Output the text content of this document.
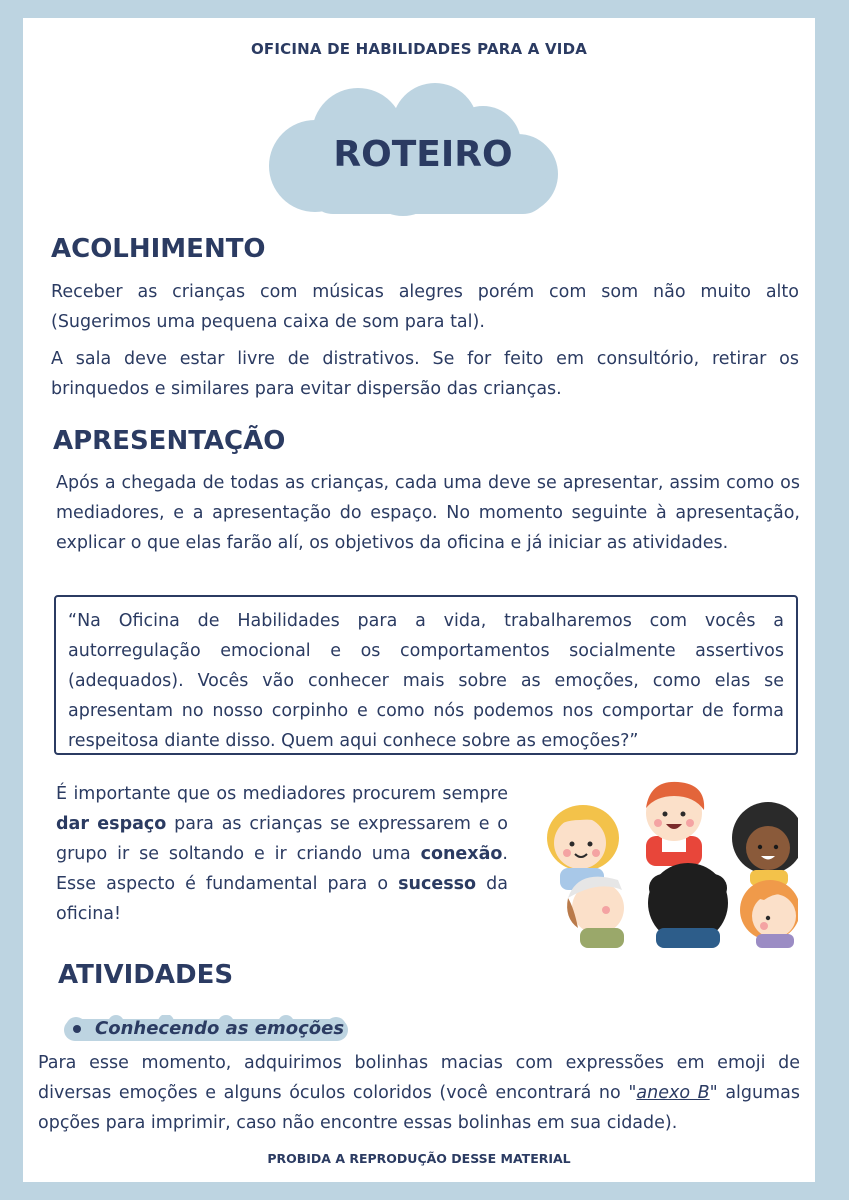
OFICINA DE HABILIDADES PARA A VIDA
ROTEIRO
ACOLHIMENTO

Receber as crianças com músicas alegres porém com som não muito alto (Sugerimos uma pequena caixa de som para tal).

A sala deve estar livre de distrativos. Se for feito em consultório, retirar os brinquedos e similares para evitar dispersão das crianças.

APRESENTAÇÃO

Após a chegada de todas as crianças, cada uma deve se apresentar, assim como os mediadores, e a apresentação do espaço. No momento seguinte à apresentação, explicar o que elas farão alí, os objetivos da oficina e já iniciar as atividades.

“Na Oficina de Habilidades para a vida, trabalharemos com vocês a autorregulação emocional e os comportamentos socialmente assertivos (adequados). Vocês vão conhecer mais sobre as emoções, como elas se apresentam no nosso corpinho e como nós podemos nos comportar de forma respeitosa diante disso. Quem aqui conhece sobre as emoções?”

É importante que os mediadores procurem sempre dar espaço para as crianças se expressarem e o grupo ir se soltando e ir criando uma conexão. Esse aspecto é fundamental para o sucesso da oficina!

ATIVIDADES
Conhecendo as emoções

Para esse momento, adquirimos bolinhas macias com expressões em emoji de diversas emoções e alguns óculos coloridos (você encontrará no "anexo B" algumas opções para imprimir, caso não encontre essas bolinhas em sua cidade).

PROBIDA A REPRODUÇÃO DESSE MATERIAL
